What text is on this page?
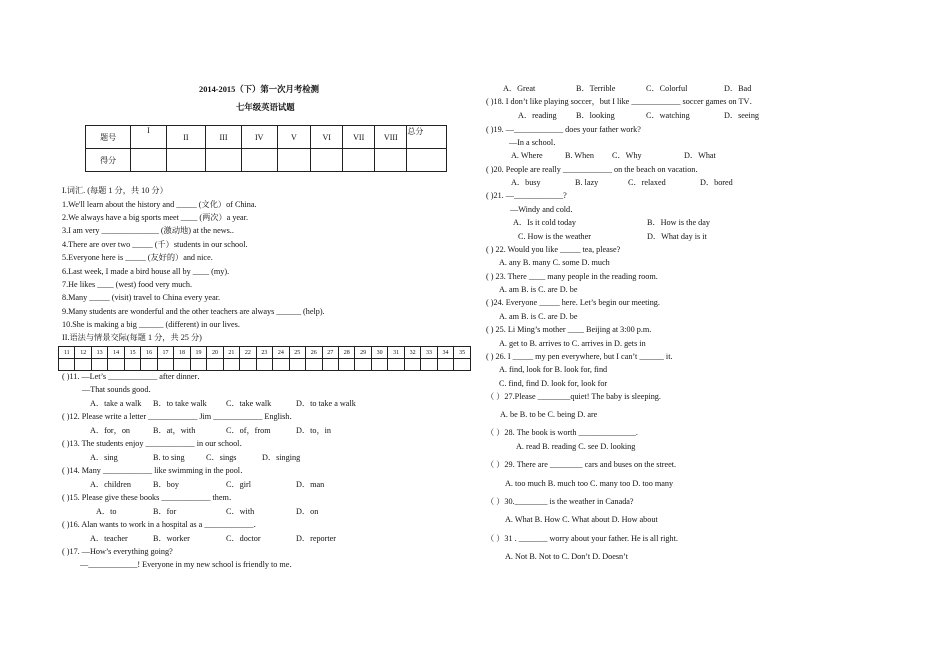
2014-2015（下）第一次月考检测
七年级英语试题
题号	I	II	III	IV	V	VI	VII	VIII	总分
得分									
I.词汇. (每题 1 分，共 10 分）
1.We'll learn about the history and _____ (文化）of China.
2.We always have a big sports meet ____ (两次）a year.
3.I am very ______________ (激动地) at the news..
4.There are over two _____ (千）students in our school.
5.Everyone here is _____ (友好的）and nice.
6.Last week, I made a bird house all by ____ (my).
7.He likes ____ (west) food very much.
8.Many _____ (visit) travel to China every year.
9.Many students are wonderful and the other teachers are always ______ (help).
10.She is making a big ______ (different) in our lives.
II.语法与情景交际(每题 1 分，共 25 分)
11	12	13	14	15	16	17	18	19	20	21	22	23	24	25	26	27	28	29	30	31	32	33	34	35

( )11. —Let’s ____________ after dinner．
—That sounds good．
A．take a walk B．to take walk C．take walk	D．to take a walk
( )12. Please write a letter ____________ Jim ____________ English．
A．for，on	B．at，with	C．of，from	D．to，in
( )13. The students enjoy ____________ in our school．
A．sing	B. to sing	C．sings	D．singing
( )14. Many ____________ like swimming in the pool．
A．children	B．boy	C．girl	D．man
( )15. Please give these books ____________ them．
A．to	B．for	C．with	D．on
( )16. Alan wants to work in a hospital as a ____________．
A．teacher	B．worker	C．doctor	D．reporter
( )17. —How’s everything going?
—____________! Everyone in my new school is friendly to me．
A．Great	B．Terrible	C．Colorful	D．Bad
( )18. I don’t like playing soccer，but I like ____________ soccer games on TV．
A．reading B．looking	C．watching	D．seeing
( )19. —____________ does your father work?
—In a school．
A. Where	B. When C．Why	D．What
( )20. People are really ____________ on the beach on vacation．
A．busy	B. lazy	C．relaxed	D．bored
( )21. —____________?
—Windy and cold．
A．Is it cold today	B．How is the day
C. How is the weather	D．What day is it
( ) 22. Would you like _____ tea, please?
A. any B. many C. some D. much
( ) 23. There ____ many people in the reading room.
A. am B. is C. are D. be
( )24. Everyone _____ here. Let’s begin our meeting.
A. am B. is C. are D. be
( ) 25. Li Ming’s mother ____ Beijing at 3:00 p.m.
A. get to B. arrives to C. arrives in D. gets in
( ) 26. I _____ my pen everywhere, but I can’t ______ it.
A. find, look for B. look for, find
C. find, find D. look for, look for
（ ）27.Please ________quiet! The baby is sleeping.
A. be B. to be C. being D. are
（ ）28. The book is worth ______________.
A. read B. reading C. see D. looking
（ ）29. There are ________ cars and buses on the street.
A. too much B. much too C. many too D. too many
（ ）30.________ is the weather in Canada?
A. What B. How C. What about D. How about
（ ）31 . _______ worry about your father. He is all right.
A. Not B. Not to C. Don’t D. Doesn’t
